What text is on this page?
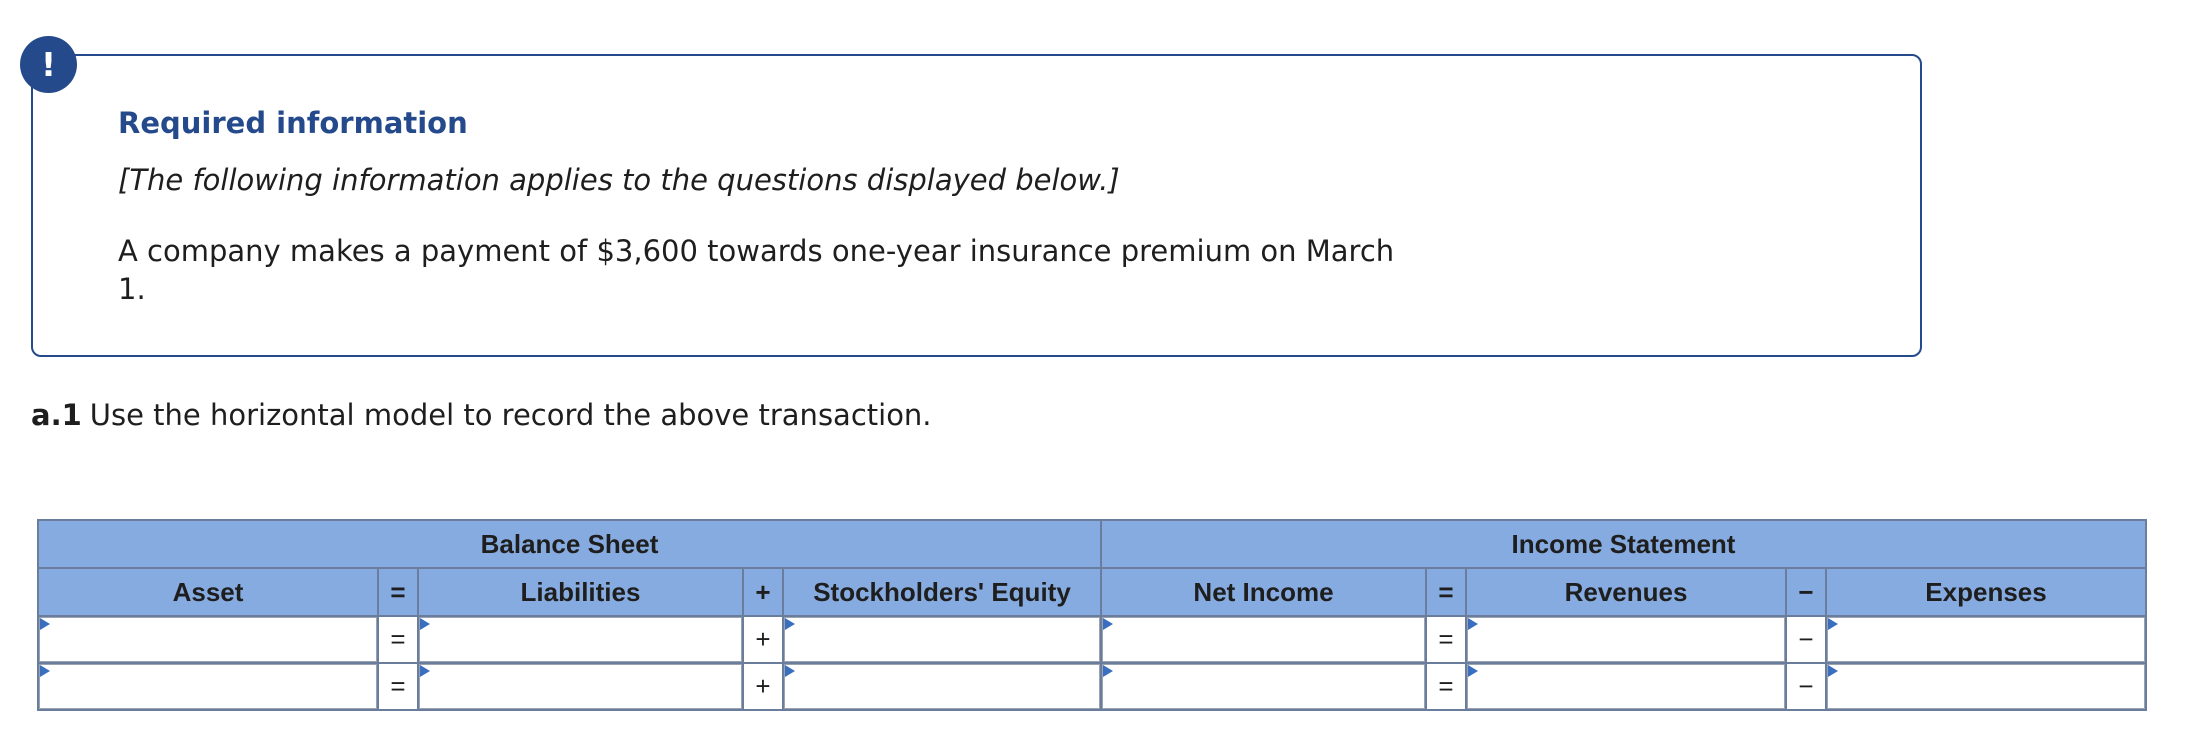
!
Required information
[The following information applies to the questions displayed below.]
A company makes a payment of $3,600 towards one-year insurance premium on March 1.
a.1 Use the horizontal model to record the above transaction.
Balance Sheet					Income Statement				
Asset	=	Liabilities	+	Stockholders' Equity	Net Income	=	Revenues	−	Expenses

	=		+			=		−	

	=		+			=		−	
